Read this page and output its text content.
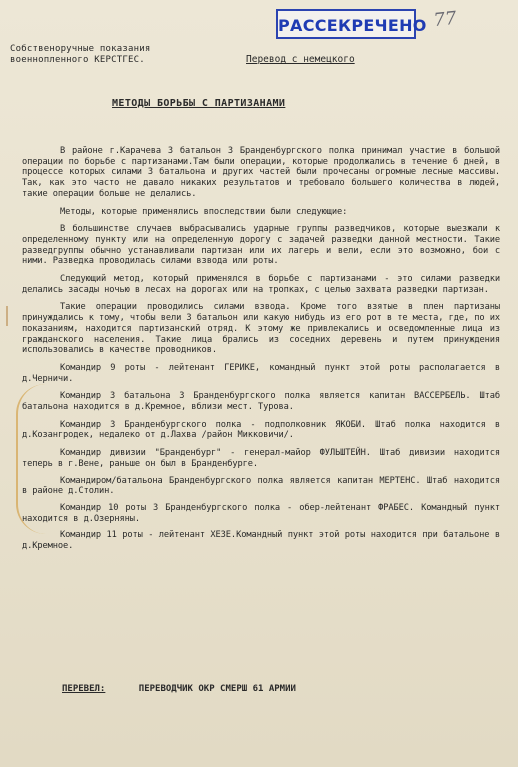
РАССЕКРЕЧЕНО 77
Собственоручные показания
военнопленного КЕРСТГЕС.	Перевод с немецкого
МЕТОДЫ БОРЬБЫ С ПАРТИЗАНАМИ

В районе г.Карачева 3 батальон 3 Бранденбургского полка принимал участие в большой операции по борьбе с партизанами.Там были операции, которые продолжались в течение 6 дней, в процессе которых силами 3 батальона и других частей были прочесаны огромные лесные массивы. Так, как это часто не давало никаких результатов и требовало большего количества в людей, такие операции больше не делались.

Методы, которые применялись впоследствии были следующие:

В большинстве случаев выбрасывались ударные группы разведчиков, которые выезжали к определенному пункту или на определенную дорогу с задачей разведки данной местности. Такие разведгруппы обычно устанавливали партизан или их лагерь и вели, если это возможно, бои с ними. Разведка проводилась силами взвода или роты.

Следующий метод, который применялся в борьбе с партизанами - это силами разведки делались засады ночью в лесах на дорогах или на тропках, с целью захвата разведки партизан.

Такие операции проводились силами взвода. Кроме того взятые в плен партизаны принуждались к тому, чтобы вели 3 батальон или какую нибудь из его рот в те места, где, по их показаниям, находится партизанский отряд. К этому же привлекались и осведомленные лица из гражданского населения. Такие лица брались из соседних деревень и путем принуждения использовались в качестве проводников.

Командир 9 роты - лейтенант ГЕРИКЕ, командный пункт этой роты располагается в д.Черничи.

Командир 3 батальона 3 Бранденбургского полка является капитан ВАССЕРБЕЛЬ. Штаб батальона находится в д.Кремное, вблизи мест. Турова.

Командир 3 Бранденбургского полка - подполковник ЯКОБИ. Штаб полка находится в д.Козангродек, недалеко от д.Лахва /район Микковичи/.

Командир дивизии "Бранденбург" - генерал-майор ФУЛЬШТЕЙН. Штаб дивизии находится теперь в г.Вене, раньше он был в Бранденбурге.

Командиром/батальона Бранденбургского полка является капитан МЕРТЕНС. Штаб находится в районе д.Столин.

Командир 10 роты 3 Бранденбургского полка - обер-лейтенант ФРАБЕС. Командный пункт находится в д.Озерняны.

Командир 11 роты - лейтенант ХЕЗЕ.Командный пункт этой роты находится при батальоне в д.Кремное.

ПЕРЕВЕЛ:	ПЕРЕВОДЧИК ОКР СМЕРШ 61 АРМИИ
